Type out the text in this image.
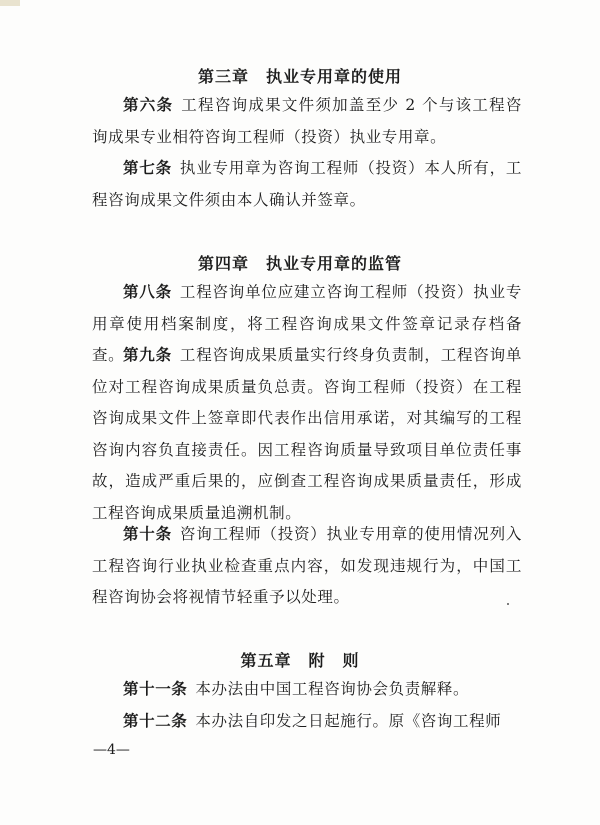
第三章　执业专用章的使用
第六条 工程咨询成果文件须加盖至少 2 个与该工程咨询成果专业相符咨询工程师（投资）执业专用章。
第七条 执业专用章为咨询工程师（投资）本人所有，工程咨询成果文件须由本人确认并签章。
第四章　执业专用章的监管
第八条 工程咨询单位应建立咨询工程师（投资）执业专用章使用档案制度，将工程咨询成果文件签章记录存档备查。
第九条 工程咨询成果质量实行终身负责制，工程咨询单位对工程咨询成果质量负总责。咨询工程师（投资）在工程咨询成果文件上签章即代表作出信用承诺，对其编写的工程咨询内容负直接责任。因工程咨询质量导致项目单位责任事故，造成严重后果的，应倒查工程咨询成果质量责任，形成工程咨询成果质量追溯机制。
第十条 咨询工程师（投资）执业专用章的使用情况列入工程咨询行业执业检查重点内容，如发现违规行为，中国工程咨询协会将视情节轻重予以处理。
第五章　附　则
第十一条 本办法由中国工程咨询协会负责解释。
第十二条 本办法自印发之日起施行。原《咨询工程师
—4—
